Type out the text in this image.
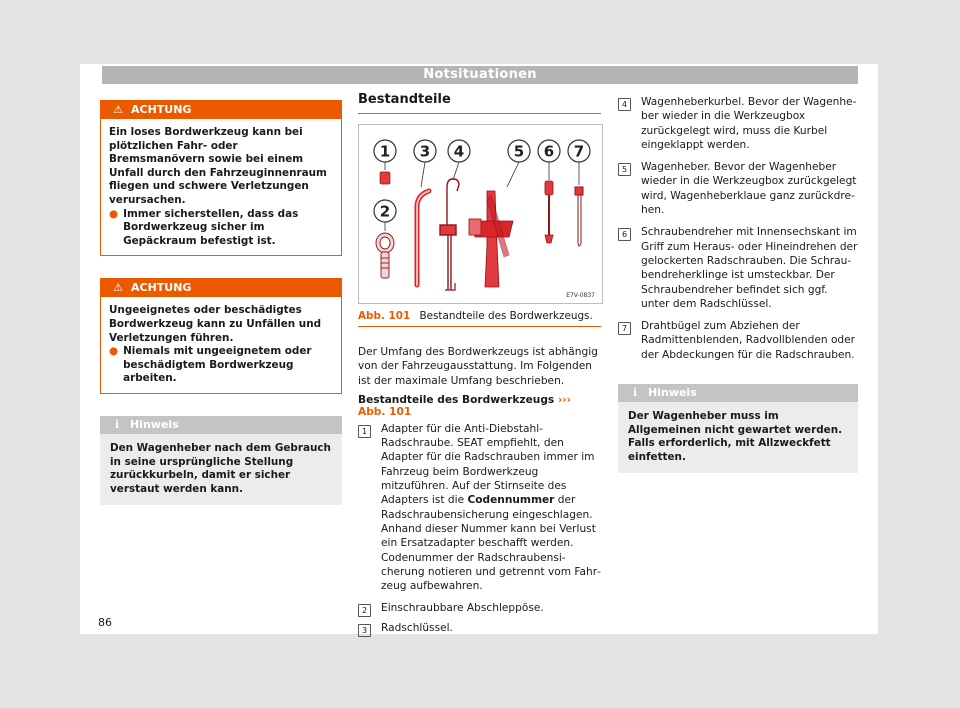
Notsituationen
⚠ ACHTUNG
Ein loses Bordwerkzeug kann bei plötzlichen Fahr- oder Bremsmanövern sowie bei einem Unfall durch den Fahrzeuginnenraum fliegen und schwere Verletzungen verursachen.
● Immer sicherstellen, dass das Bordwerkzeug sicher im Gepäckraum befestigt ist.
⚠ ACHTUNG
Ungeeignetes oder beschädigtes Bordwerkzeug kann zu Unfällen und Verletzungen führen.
● Niemals mit ungeeignetem oder beschädigtem Bordwerkzeug arbeiten.
ℹ Hinweis
Den Wagenheber nach dem Gebrauch in seine ursprüngliche Stellung zurückkurbeln, damit er sicher verstaut werden kann.
Bestandteile
1
2
3 4	5 6 7
E7V-0837
Abb. 101 Bestandteile des Bordwerkzeugs.
Der Umfang des Bordwerkzeugs ist abhängig von der Fahrzeugausstattung. Im Folgenden ist der maximale Umfang beschrieben.
Bestandteile des Bordwerkzeugs ››› Abb. 101
1	Adapter für die Anti-Diebstahl-Radschraube. SEAT empfiehlt, den Adapter für die Radschrauben immer im Fahrzeug beim Bordwerkzeug mitzuführen. Auf der Stirnseite des Adapters ist die Codennummer der Radschraubensicherung eingeschlagen. Anhand dieser Nummer kann bei Verlust ein Ersatzadapter beschafft werden. Codenummer der Radschraubensicherung notieren und getrennt vom Fahrzeug aufbewahren.
2	Einschraubbare Abschleppöse.
3	Radschlüssel.
4	Wagenheberkurbel. Bevor der Wagenheber wieder in die Werkzeugbox zurückgelegt wird, muss die Kurbel eingeklappt werden.
5	Wagenheber. Bevor der Wagenheber wieder in die Werkzeugbox zurückgelegt wird, Wagenheberklaue ganz zurückdrehen.
6	Schraubendreher mit Innensechskant im Griff zum Heraus- oder Hineindrehen der gelockerten Radschrauben. Die Schraubendreherklinge ist umsteckbar. Der Schraubendreher befindet sich ggf. unter dem Radschlüssel.
7	Drahtbügel zum Abziehen der Radmittenblenden, Radvollblenden oder der Abdeckungen für die Radschrauben.
ℹ Hinweis
Der Wagenheber muss im Allgemeinen nicht gewartet werden. Falls erforderlich, mit Allzweckfett einfetten.
86
